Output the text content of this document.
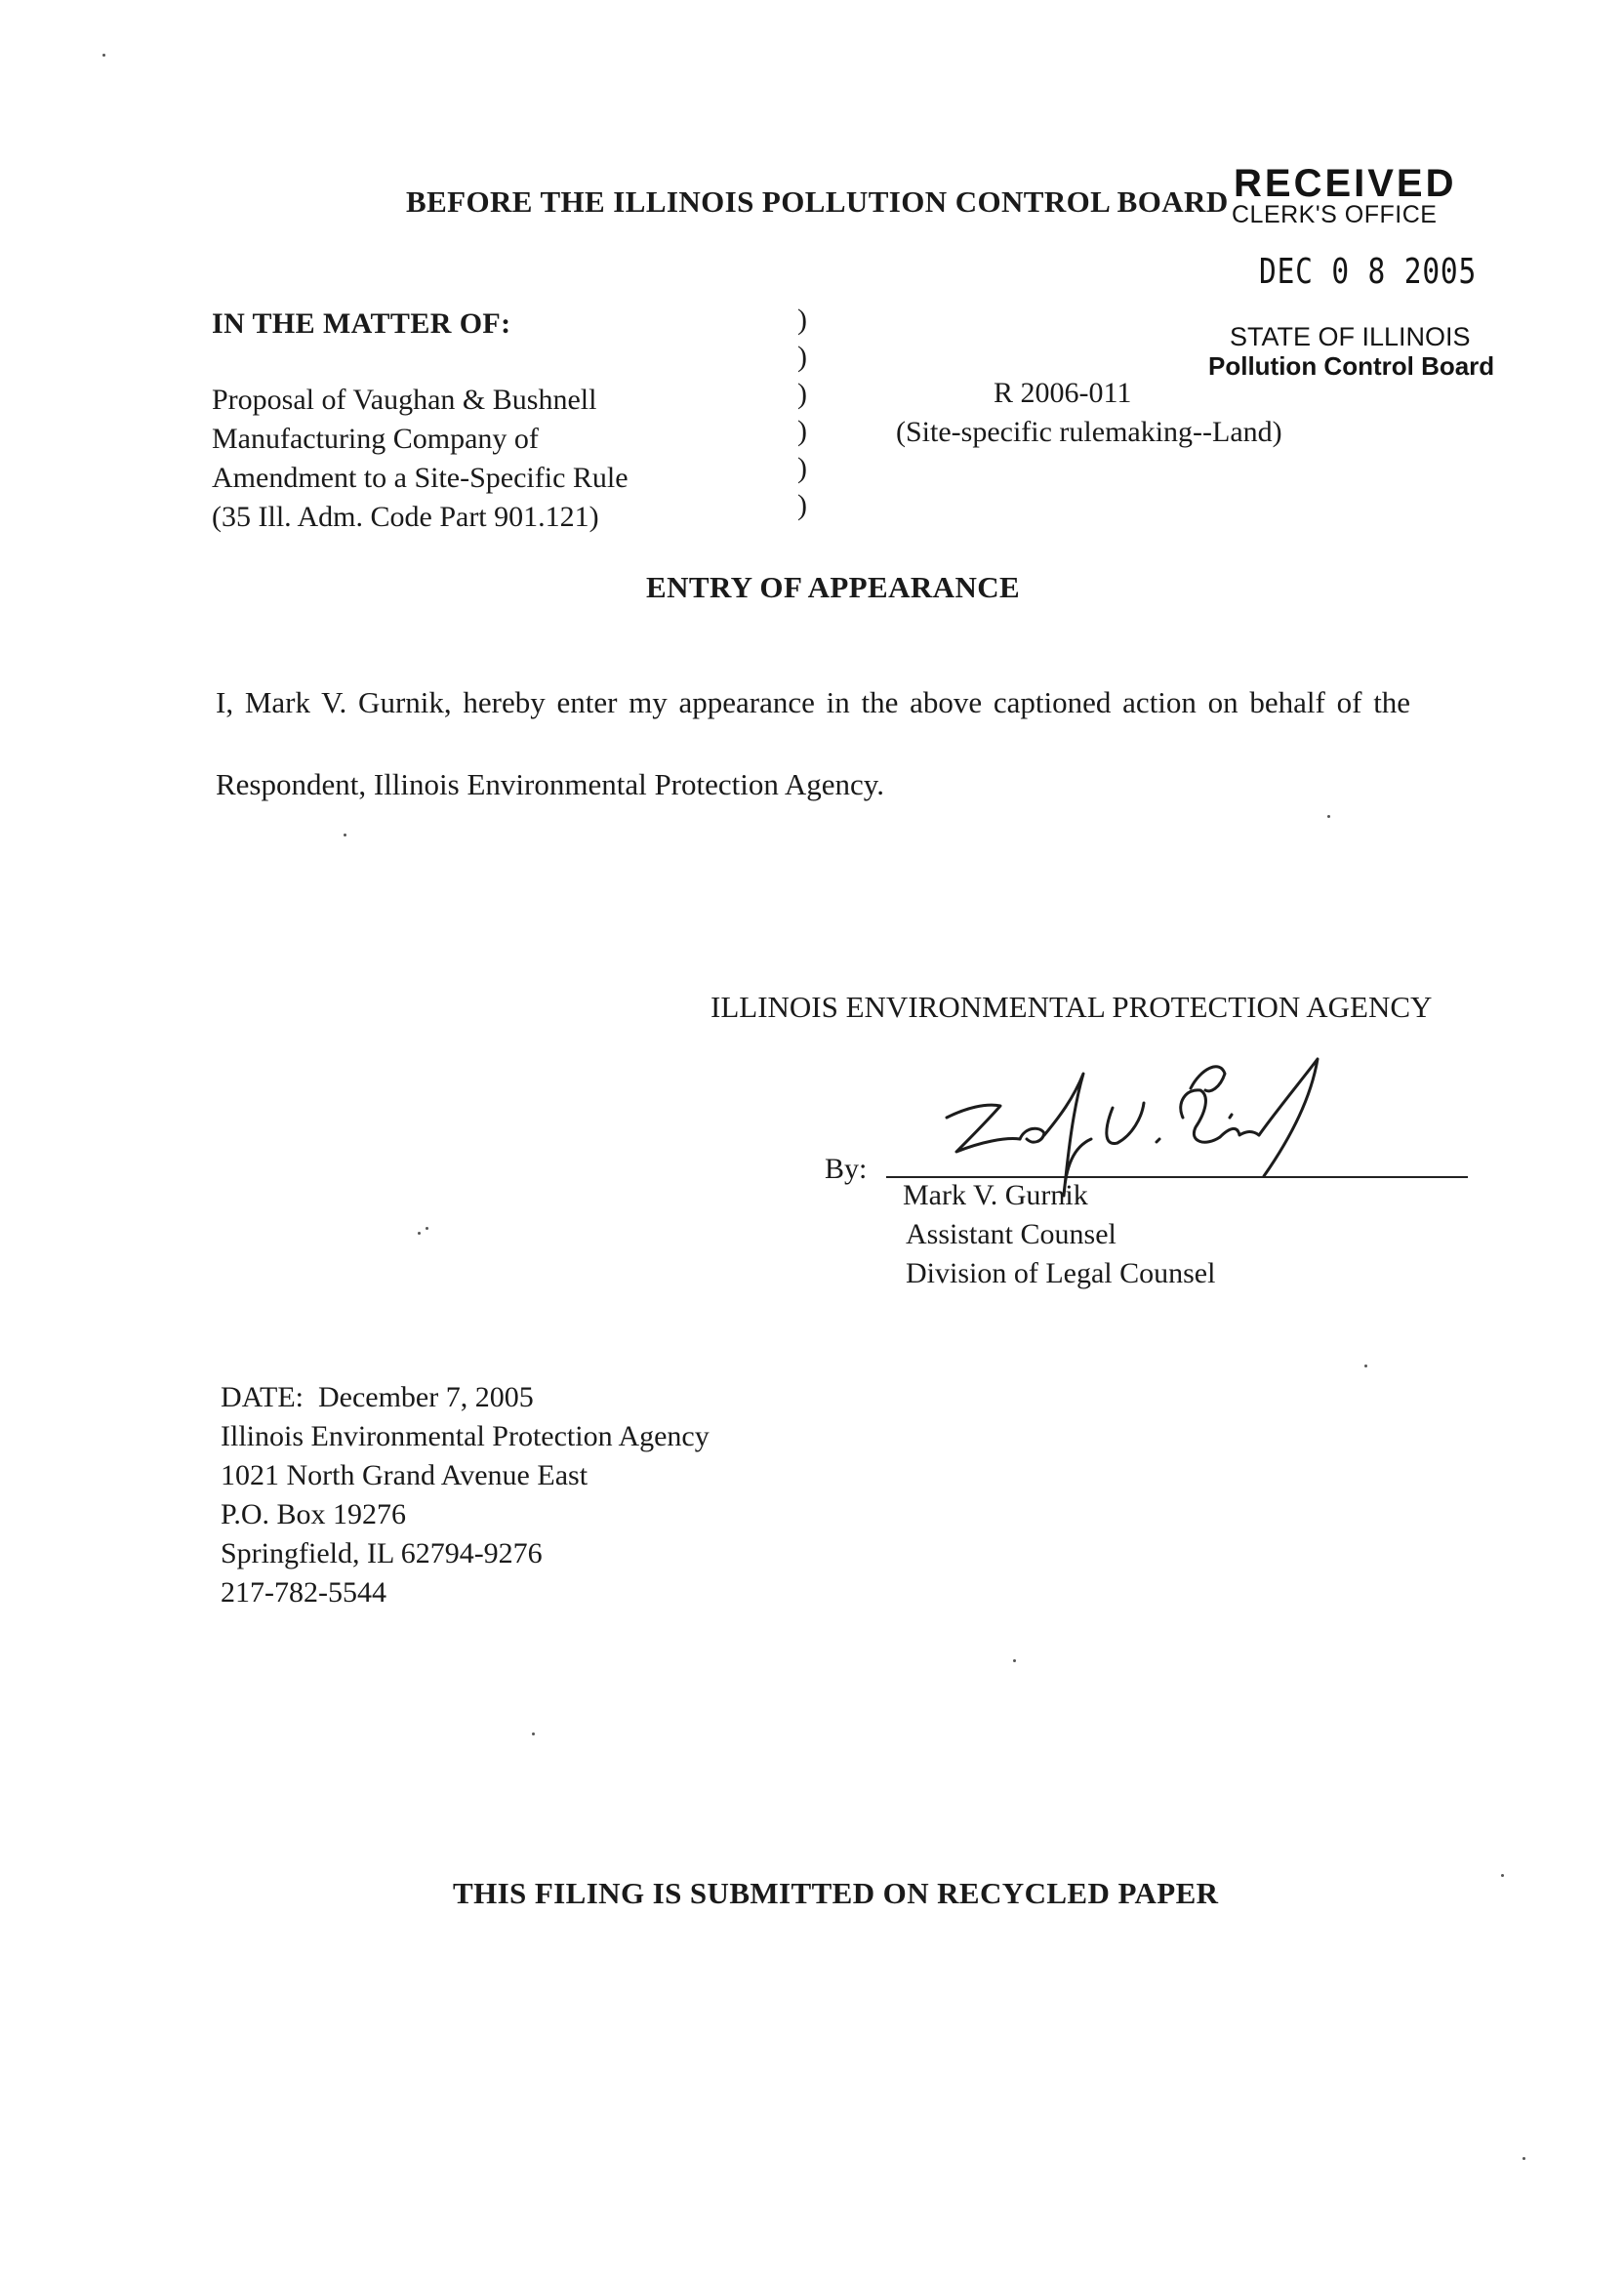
BEFORE THE ILLINOIS POLLUTION CONTROL BOARD RECEIVED
CLERK'S OFFICE
DEC 0 8 2005
STATE OF ILLINOIS
Pollution Control Board
IN THE MATTER OF:
Proposal of Vaughan & Bushnell
Manufacturing Company of
Amendment to a Site-Specific Rule
(35 Ill. Adm. Code Part 901.121)
)
)
)
)
)
)
R 2006-011
(Site-specific rulemaking--Land)
ENTRY OF APPEARANCE
I, Mark V. Gurnik, hereby enter my appearance in the above captioned action on behalf of the
Respondent, Illinois Environmental Protection Agency.
ILLINOIS ENVIRONMENTAL PROTECTION AGENCY
By:
Mark V. Gurnik
Assistant Counsel
Division of Legal Counsel
DATE:  December 7, 2005
Illinois Environmental Protection Agency
1021 North Grand Avenue East
P.O. Box 19276
Springfield, IL 62794-9276
217-782-5544
THIS FILING IS SUBMITTED ON RECYCLED PAPER
